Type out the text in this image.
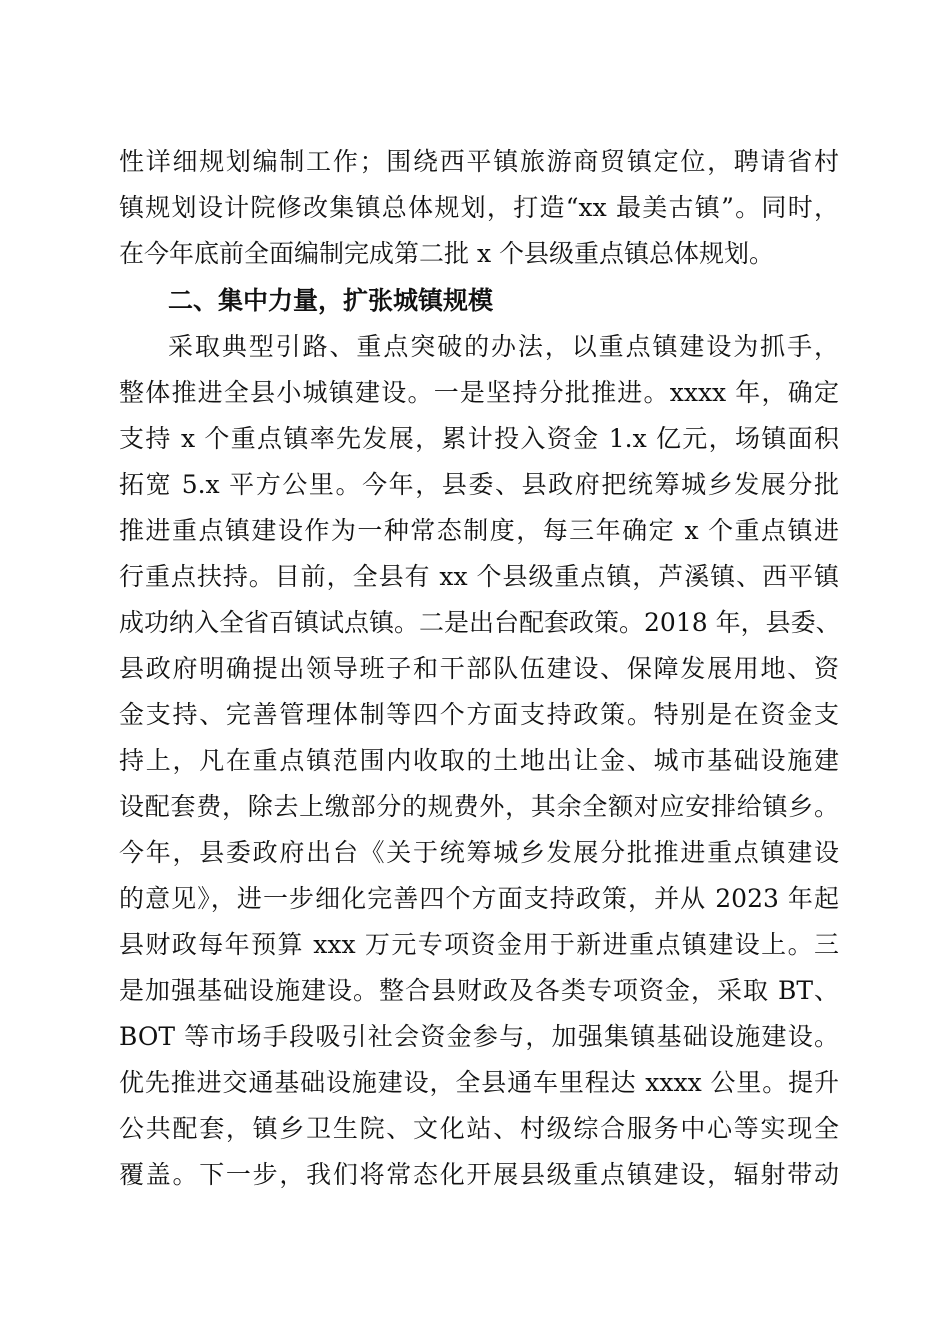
性详细规划编制工作；围绕西平镇旅游商贸镇定位，聘请省村
镇规划设计院修改集镇总体规划，打造“xx 最美古镇”。同时，
在今年底前全面编制完成第二批 x 个县级重点镇总体规划。
二、集中力量，扩张城镇规模
采取典型引路、重点突破的办法，以重点镇建设为抓手，
整体推进全县小城镇建设。一是坚持分批推进。xxxx 年，确定
支持 x 个重点镇率先发展，累计投入资金 1.x 亿元，场镇面积
拓宽 5.x 平方公里。今年，县委、县政府把统筹城乡发展分批
推进重点镇建设作为一种常态制度，每三年确定 x 个重点镇进
行重点扶持。目前，全县有 xx 个县级重点镇，芦溪镇、西平镇
成功纳入全省百镇试点镇。二是出台配套政策。2018 年，县委、
县政府明确提出领导班子和干部队伍建设、保障发展用地、资
金支持、完善管理体制等四个方面支持政策。特别是在资金支
持上，凡在重点镇范围内收取的土地出让金、城市基础设施建
设配套费，除去上缴部分的规费外，其余全额对应安排给镇乡。
今年，县委政府出台《关于统筹城乡发展分批推进重点镇建设
的意见》，进一步细化完善四个方面支持政策，并从 2023 年起
县财政每年预算 xxx 万元专项资金用于新进重点镇建设上。三
是加强基础设施建设。整合县财政及各类专项资金，采取 BT、
BOT 等市场手段吸引社会资金参与，加强集镇基础设施建设。
优先推进交通基础设施建设，全县通车里程达 xxxx 公里。提升
公共配套，镇乡卫生院、文化站、村级综合服务中心等实现全
覆盖。下一步，我们将常态化开展县级重点镇建设，辐射带动
